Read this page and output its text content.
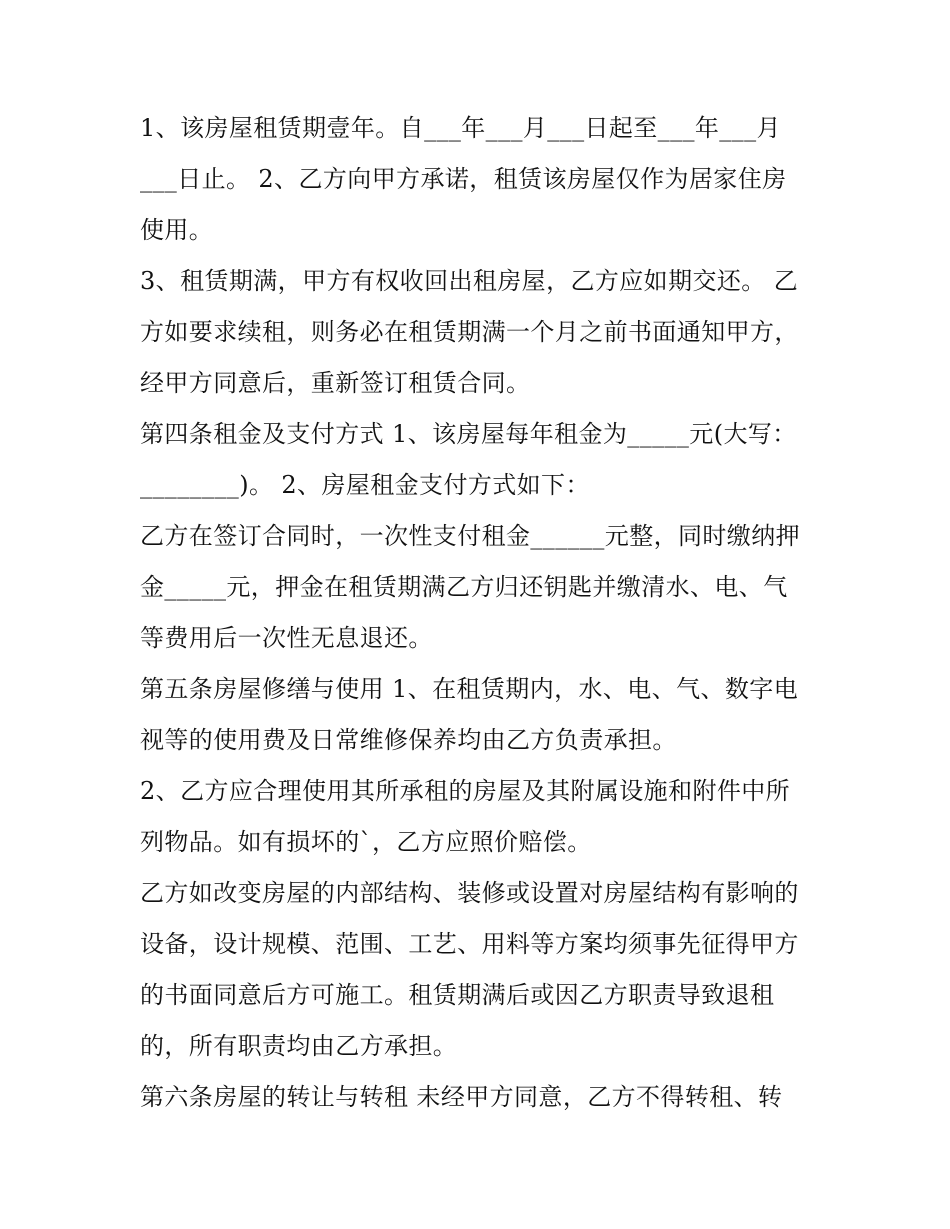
1、该房屋租赁期壹年。自___年___月___日起至___年___月
___日止。 2、乙方向甲方承诺，租赁该房屋仅作为居家住房
使用。
3、租赁期满，甲方有权收回出租房屋，乙方应如期交还。 乙
方如要求续租，则务必在租赁期满一个月之前书面通知甲方，
经甲方同意后，重新签订租赁合同。
第四条租金及支付方式 1、该房屋每年租金为_____元(大写：
________)。 2、房屋租金支付方式如下：
乙方在签订合同时，一次性支付租金______元整，同时缴纳押
金_____元，押金在租赁期满乙方归还钥匙并缴清水、电、气
等费用后一次性无息退还。
第五条房屋修缮与使用 1、在租赁期内，水、电、气、数字电
视等的使用费及日常维修保养均由乙方负责承担。
2、乙方应合理使用其所承租的房屋及其附属设施和附件中所
列物品。如有损坏的`，乙方应照价赔偿。
乙方如改变房屋的内部结构、装修或设置对房屋结构有影响的
设备，设计规模、范围、工艺、用料等方案均须事先征得甲方
的书面同意后方可施工。租赁期满后或因乙方职责导致退租
的，所有职责均由乙方承担。
第六条房屋的转让与转租 未经甲方同意，乙方不得转租、转
